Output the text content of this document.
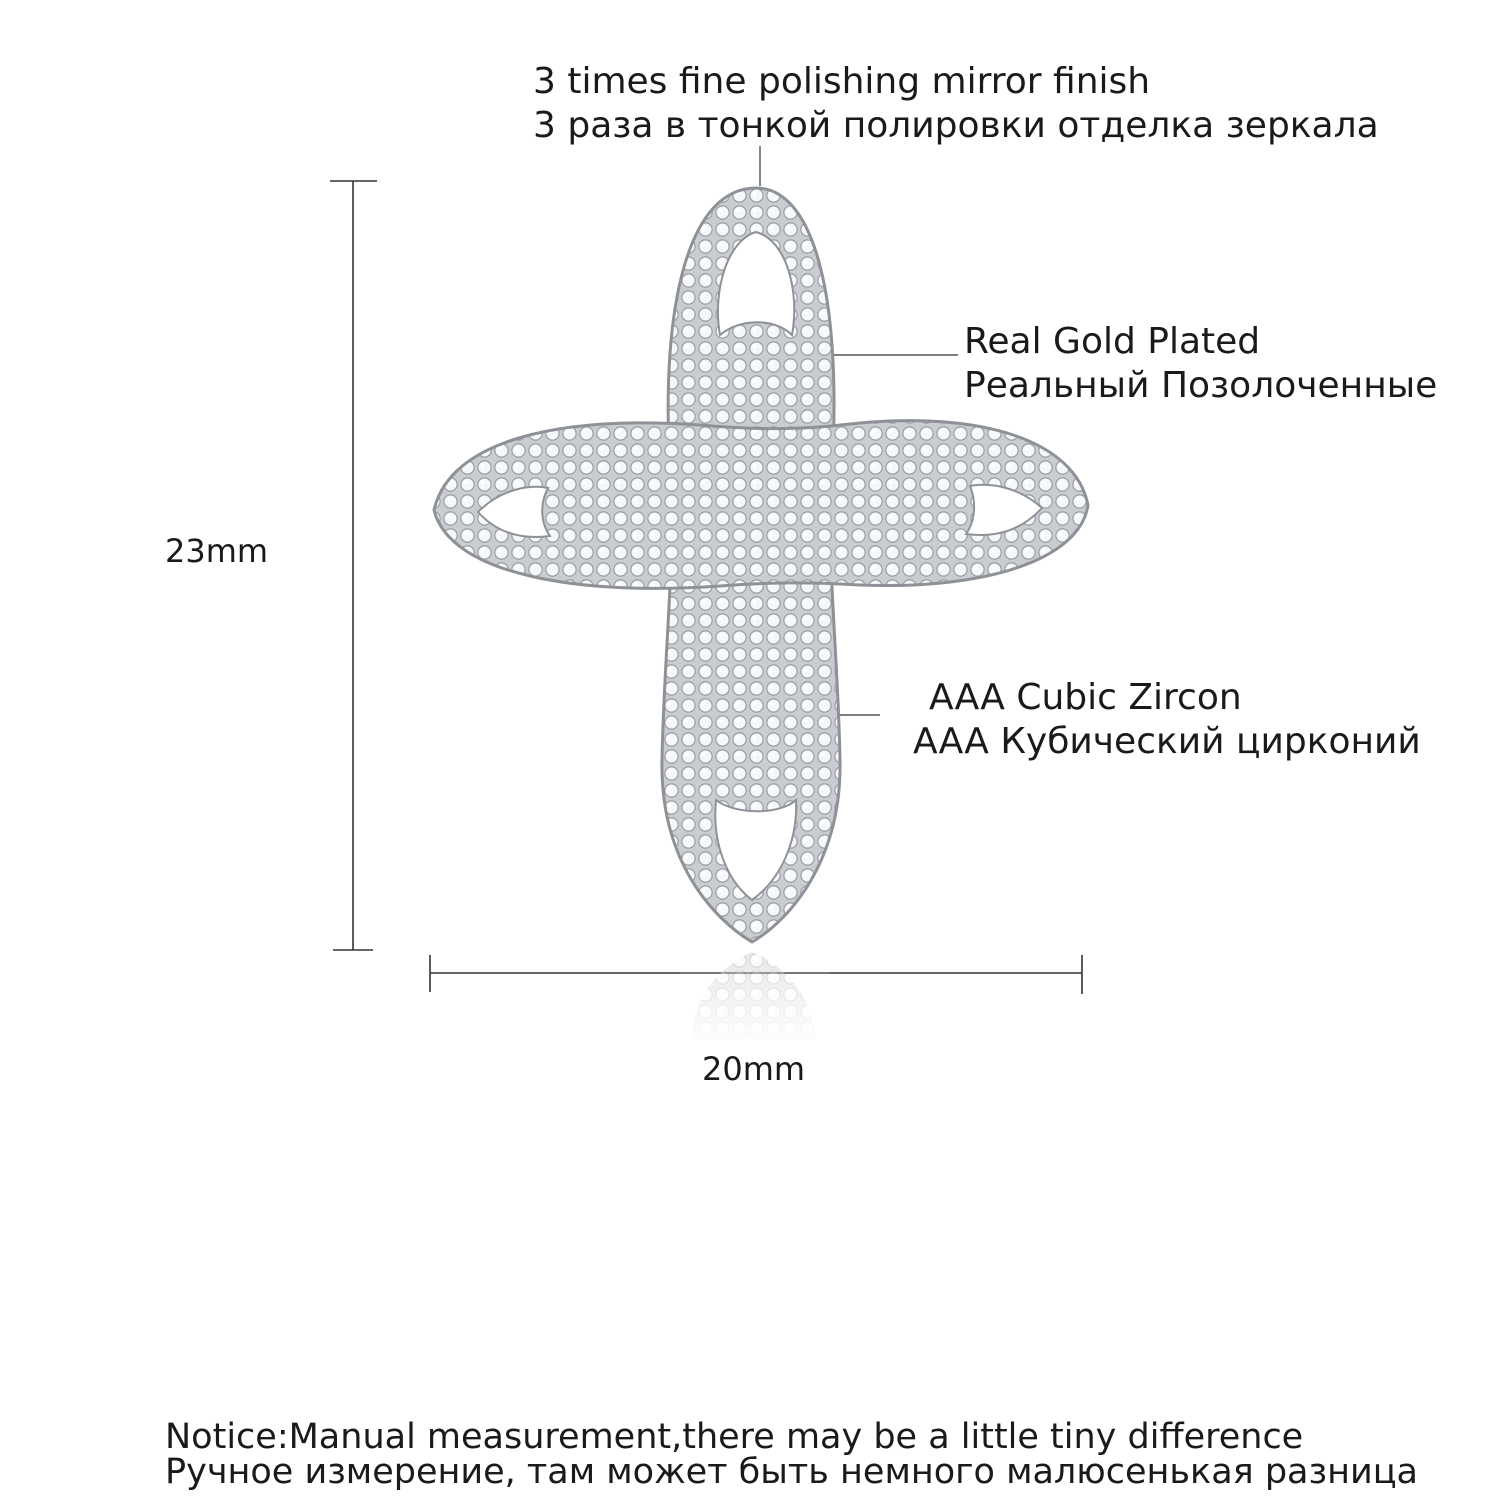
3 times fine polishing mirror finish
3 раза в тонкой полировки отделка зеркала
Real Gold Plated
Реальный Позолоченные
AAA Cubic Zircon
AAA Кубический цирконий
23mm
20mm
Notice:Manual measurement,there may be a little tiny difference
Ручное измерение, там может быть немного малюсенькая разница
